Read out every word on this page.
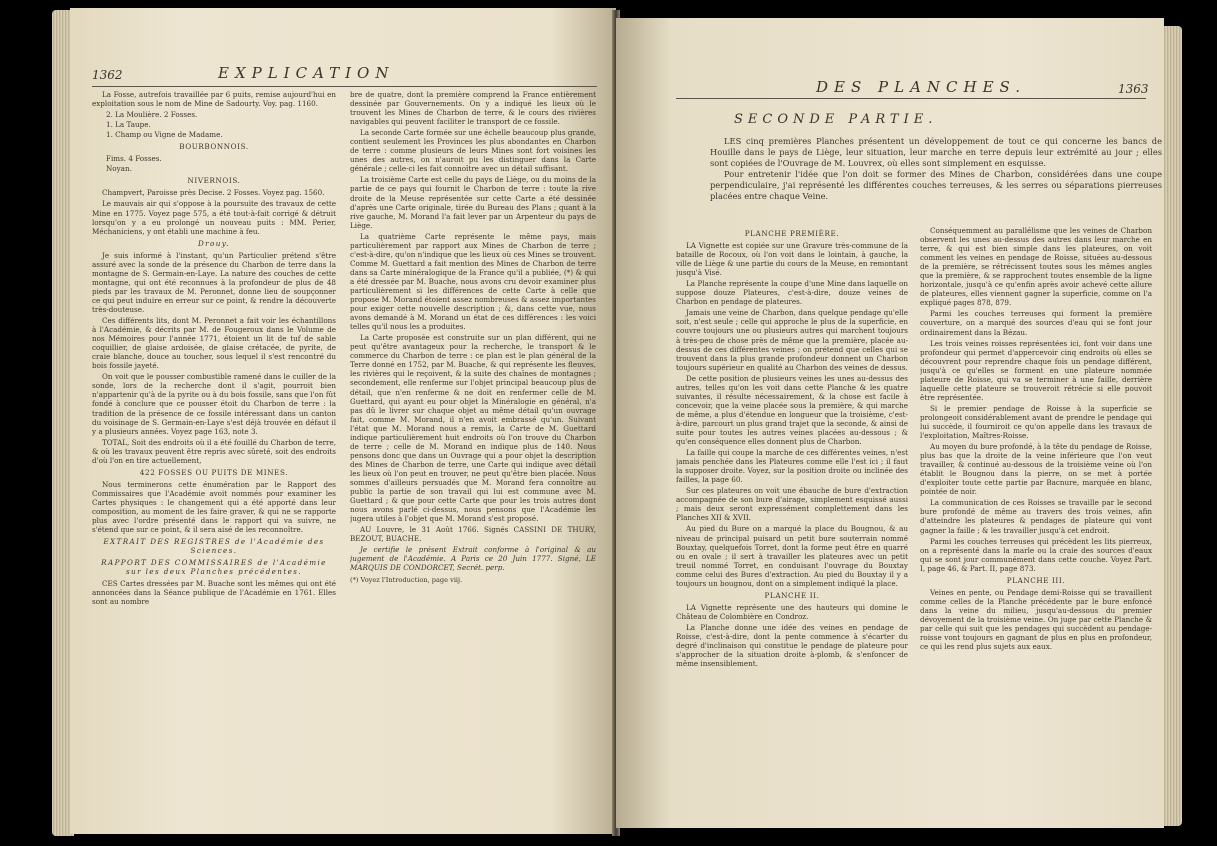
1362	EXPLICATION

La Fosse, autrefois travaillée par 6 puits, remise aujourd'hui en exploitation sous le nom de Mine de Sadourty. Voy. pag. 1160.

2. La Moulière. 2 Fosses.

1. La Taupe.

1. Champ ou Vigne de Madame.

BOURBONNOIS.

Fims. 4 Fosses.

Noyan.

NIVERNOIS.

Champvert, Paroisse près Decise. 2 Fosses. Voyez pag. 1560.

Le mauvais air qui s'oppose à la poursuite des travaux de cette Mine en 1775. Voyez page 575, a été tout-à-fait corrigé & détruit lorsqu'on y a eu prolongé un nouveau puits : MM. Perier, Méchaniciens, y ont établi une machine à feu.

Drouy.

Je suis informé à l'instant, qu'un Particulier prétend s'être assuré avec la sonde de la présence du Charbon de terre dans la montagne de S. Germain-en-Laye. La nature des couches de cette montagne, qui ont été reconnues à la profondeur de plus de 48 pieds par les travaux de M. Peronnet, donne lieu de soupçonner ce qui peut induire en erreur sur ce point, & rendre la découverte très-douteuse.

Ces différents lits, dont M. Peronnet a fait voir les échantillons à l'Académie, & décrits par M. de Fougeroux dans le Volume de nos Mémoires pour l'année 1771, étoient un lit de tuf de sable coquillier, de glaise ardoisée, de glaise crétacée, de pyrite, de craie blanche, douce au toucher, sous lequel il s'est rencontré du bois fossile jayeté.

On voit que le pousser combustible ramené dans le cuiller de la sonde, lors de la recherche dont il s'agit, pourroit bien n'appartenir qu'à de la pyrite ou à du bois fossile, sans que l'on fût fondé à conclure que ce pousser étoit du Charbon de terre : la tradition de la présence de ce fossile intéressant dans un canton du voisinage de S. Germain-en-Laye s'est déjà trouvée en défaut il y a plusieurs années. Voyez page 163, note 3.

TOTAL, Soit des endroits où il a été fouillé du Charbon de terre, & où les travaux peuvent être repris avec sûreté, soit des endroits d'où l'on en tire actuellement,

422 FOSSES OU PUITS DE MINES.

Nous terminerons cette énumération par le Rapport des Commissaires que l'Académie avoit nommés pour examiner les Cartes physiques : le changement qui a été apporté dans leur composition, au moment de les faire graver, & qui ne se rapporte plus avec l'ordre présenté dans le rapport qui va suivre, ne s'étend que sur ce point, & il sera aisé de les reconnoître.

EXTRAIT DES REGISTRES de l'Académie des Sciences.

RAPPORT DES COMMISSAIRES de l'Académie sur les deux Planches précédentes.

CES Cartes dressées par M. Buache sont les mêmes qui ont été annoncées dans la Séance publique de l'Académie en 1761. Elles sont au nombre

bre de quatre, dont la première comprend la France entièrement dessinée par Gouvernements. On y a indiqué les lieux où le trouvent les Mines de Charbon de terre, & le cours des rivières navigables qui peuvent faciliter le transport de ce fossile.

La seconde Carte formée sur une échelle beaucoup plus grande, contient seulement les Provinces les plus abondantes en Charbon de terre : comme plusieurs de leurs Mines sont fort voisines les unes des autres, on n'auroit pu les distinguer dans la Carte générale ; celle-ci les fait connoître avec un détail suffisant.

La troisième Carte est celle du pays de Liège, ou du moins de la partie de ce pays qui fournit le Charbon de terre : toute la rive droite de la Meuse représentée sur cette Carte a été dessinée d'après une Carte originale, tirée du Bureau des Plans ; quant à la rive gauche, M. Morand l'a fait lever par un Arpenteur du pays de Liège.

La quatrième Carte représente le même pays, mais particulièrement par rapport aux Mines de Charbon de terre ; c'est-à-dire, qu'on n'indique que les lieux où ces Mines se trouvent. Comme M. Guettard a fait mention des Mines de Charbon de terre dans sa Carte minéralogique de la France qu'il a publiée, (*) & qui a été dressée par M. Buache, nous avons cru devoir examiner plus particulièrement si les différences de cette Carte à celle que propose M. Morand étoient assez nombreuses & assez importantes pour exiger cette nouvelle description ; &, dans cette vue, nous avons demandé à M. Morand un état de ces différences : les voici telles qu'il nous les a produites.

La Carte proposée est construite sur un plan différent, qui ne peut qu'être avantageux pour la recherche, le transport & le commerce du Charbon de terre : ce plan est le plan général de la Terre donné en 1752, par M. Buache, & qui représente les fleuves, les rivières qui le reçoivent, & la suite des chaînes de montagnes ; secondement, elle renferme sur l'objet principal beaucoup plus de détail, que n'en renferme & ne doit en renfermer celle de M. Guettard, qui ayant eu pour objet la Minéralogie en général, n'a pas dû le livrer sur chaque objet au même détail qu'un ouvrage fait, comme M. Morand, il n'en avoit embrassé qu'un. Suivant l'état que M. Morand nous a remis, la Carte de M. Guettard indique particulièrement huit endroits où l'on trouve du Charbon de terre ; celle de M. Morand en indique plus de 140. Nous pensons donc que dans un Ouvrage qui a pour objet la description des Mines de Charbon de terre, une Carte qui indique avec détail les lieux où l'on peut en trouver, ne peut qu'être bien placée. Nous sommes d'ailleurs persuadés que M. Morand fera connoître au public la partie de son travail qui lui est commune avec M. Guettard ; & que pour cette Carte que pour les trois autres dont nous avons parlé ci-dessus, nous pensons que l'Académie les jugera utiles à l'objet que M. Morand s'est proposé.

AU Louvre, le 31 Août 1766. Signés CASSINI DE THURY, BEZOUT, BUACHE.

Je certifie le présent Extrait conforme à l'original & au jugement de l'Académie. A Paris ce 20 Juin 1777. Signé, LE MARQUIS DE CONDORCET, Secrét. perp.

(*) Voyez l'Introduction, page viij.

DES PLANCHES.	1363
SECONDE PARTIE.

LES cinq premières Planches présentent un développement de tout ce qui concerne les bancs de Houille dans le pays de Liège, leur situation, leur marche en terre depuis leur extrémité au jour ; elles sont copiées de l'Ouvrage de M. Louvrex, où elles sont simplement en esquisse.

Pour entretenir l'idée que l'on doit se former des Mines de Charbon, considérées dans une coupe perpendiculaire, j'ai représenté les différentes couches terreuses, & les serres ou séparations pierreuses placées entre chaque Veine.

PLANCHE PREMIÈRE.

LA Vignette est copiée sur une Gravure très-commune de la bataille de Rocoux, où l'on voit dans le lointain, à gauche, la ville de Liège & une partie du cours de la Meuse, en remontant jusqu'à Visé.

La Planche représente la coupe d'une Mine dans laquelle on suppose douze Plateures, c'est-à-dire, douze veines de Charbon en pendage de plateures.

Jamais une veine de Charbon, dans quelque pendage qu'elle soit, n'est seule ; celle qui approche le plus de la superficie, en couvre toujours une ou plusieurs autres qui marchent toujours à très-peu de chose près de même que la première, placée au-dessus de ces différentes veines ; on prétend que celles qui se trouvent dans la plus grande profondeur donnent un Charbon toujours supérieur en qualité au Charbon des veines de dessus.

De cette position de plusieurs veines les unes au-dessus des autres, telles qu'on les voit dans cette Planche & les quatre suivantes, il résulte nécessairement, & la chose est facile à concevoir, que la veine placée sous la première, & qui marche de même, a plus d'étendue en longueur que la troisième, c'est-à-dire, parcourt un plus grand trajet que la seconde, & ainsi de suite pour toutes les autres veines placées au-dessous ; & qu'en conséquence elles donnent plus de Charbon.

La faille qui coupe la marche de ces différentes veines, n'est jamais penchée dans les Plateures comme elle l'est ici ; il faut la supposer droite. Voyez, sur la position droite ou inclinée des failles, la page 60.

Sur ces plateures on voit une ébauche de bure d'extraction accompagnée de son bure d'airage, simplement esquissé aussi ; mais deux seront expressément complettement dans les Planches XII & XVII.

Au pied du Bure on a marqué la place du Bougnou, & au niveau de principal puisard un petit bure souterrain nommé Bouxtay, quelquefois Torret, dont la forme peut être en quarré ou en ovale ; il sert à travailler les plateures avec un petit treuil nommé Torret, en conduisant l'ouvrage du Bouxtay comme celui des Bures d'extraction. Au pied du Bouxtay il y a toujours un bougnou, dont on a simplement indiqué la place.

PLANCHE II.

LA Vignette représente une des hauteurs qui domine le Château de Colombière en Condroz.

La Planche donne une idée des veines en pendage de Roisse, c'est-à-dire, dont la pente commence à s'écarter du degré d'inclinaison qui constitue le pendage de plateure pour s'approcher de la situation droite à-plomb, & s'enfoncer de même insensiblement.

Conséquemment au parallélisme que les veines de Charbon observent les unes au-dessus des autres dans leur marche en terre, & qui est bien simple dans les plateures, on voit comment les veines en pendage de Roisse, situées au-dessous de la première, se rétrécissent toutes sous les mêmes angles que la première, & se rapprochent toutes ensemble de la ligne horizontale, jusqu'à ce qu'enfin après avoir achevé cette allure de plateures, elles viennent gagner la superficie, comme on l'a expliqué pages 878, 879.

Parmi les couches terreuses qui forment la première couverture, on a marqué des sources d'eau qui se font jour ordinairement dans la Bézau.

Les trois veines roisses représentées ici, font voir dans une profondeur qui permet d'appercevoir cinq endroits où elles se découvrent pour reprendre chaque fois un pendage différent, jusqu'à ce qu'elles se forment en une plateure nommée plateure de Roisse, qui va se terminer à une faille, derrière laquelle cette plateure se trouveroit rétrécie si elle pouvoit être représentée.

Si le premier pendage de Roisse à la superficie se prolongeoit considérablement avant de prendre le pendage qui lui succède, il fourniroit ce qu'on appelle dans les travaux de l'exploitation, Maîtres-Roisse.

Au moyen du bure profondé, à la tête du pendage de Roisse, plus bas que la droite de la veine inférieure que l'on veut travailler, & continué au-dessous de la troisième veine où l'on établit le Bougnou dans la pierre, on se met à portée d'exploiter toute cette partie par Bacnure, marquée en blanc, pointée de noir.

La communication de ces Roisses se travaille par le second bure profondé de même au travers des trois veines, afin d'atteindre les plateures & pendages de plateure qui vont gagner la faille ; & les travailler jusqu'à cet endroit.

Parmi les couches terreuses qui précèdent les lits pierreux, on a représenté dans la marle ou la craie des sources d'eaux qui se sont jour communément dans cette couche. Voyez Part. I, page 46, & Part. II, page 873.

PLANCHE III.

Veines en pente, ou Pendage demi-Roisse qui se travaillent comme celles de la Planche précédente par le bure enfoncé dans la veine du milieu, jusqu'au-dessous du premier dévoyement de la troisième veine. On juge par cette Planche & par celle qui suit que les pendages qui succèdent au pendage-roisse vont toujours en gagnant de plus en plus en profondeur, ce qui les rend plus sujets aux eaux.
